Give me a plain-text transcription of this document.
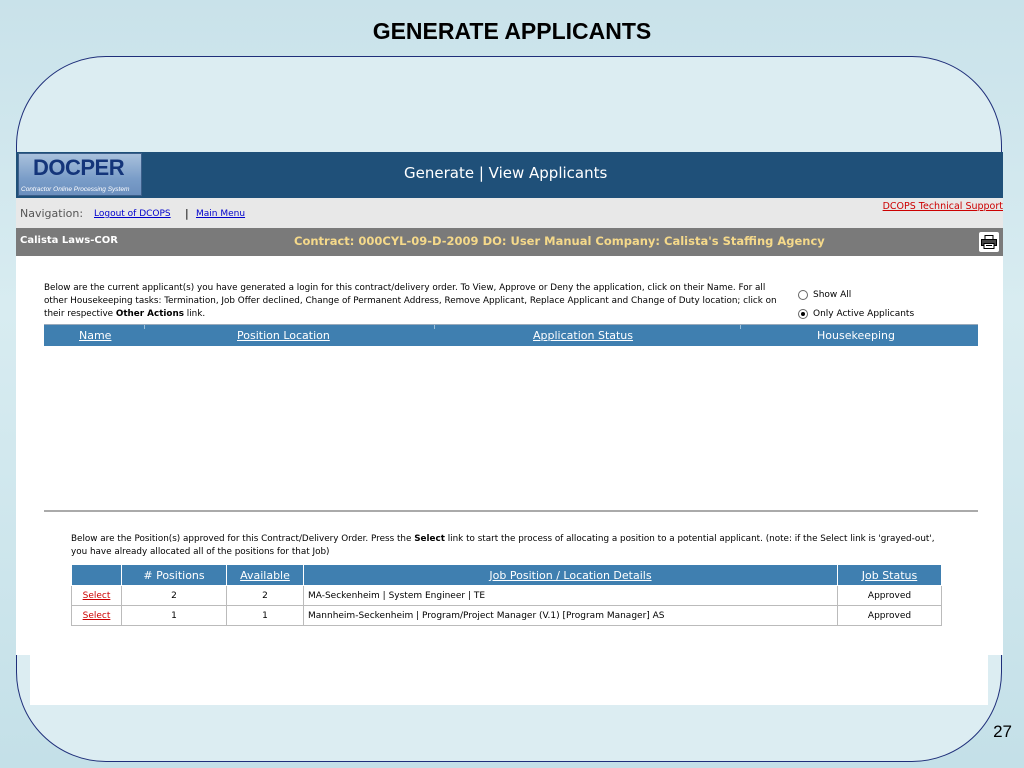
GENERATE APPLICANTS
DOCPER
Contractor Online Processing System
Generate | View Applicants
Navigation: Logout of DCOPS | Main Menu
DCOPS Technical Support
Calista Laws-COR	Contract: 000CYL-09-D-2009 DO: User Manual Company: Calista's Staffing Agency
Below are the current applicant(s) you have generated a login for this contract/delivery order. To View, Approve or Deny the application, click on their Name. For all other Housekeeping tasks: Termination, Job Offer declined, Change of Permanent Address, Remove Applicant, Replace Applicant and Change of Duty location; click on their respective Other Actions link.
Show All
Only Active Applicants
Name	Position Location	Application Status	Housekeeping
Below are the Position(s) approved for this Contract/Delivery Order. Press the Select link to start the process of allocating a position to a potential applicant. (note: if the Select link is 'grayed-out', you have already allocated all of the positions for that Job)
	# Positions	Available	Job Position / Location Details	Job Status
Select	2	2	MA-Seckenheim | System Engineer | TE	Approved
Select	1	1	Mannheim-Seckenheim | Program/Project Manager (V.1) [Program Manager] AS	Approved
27
